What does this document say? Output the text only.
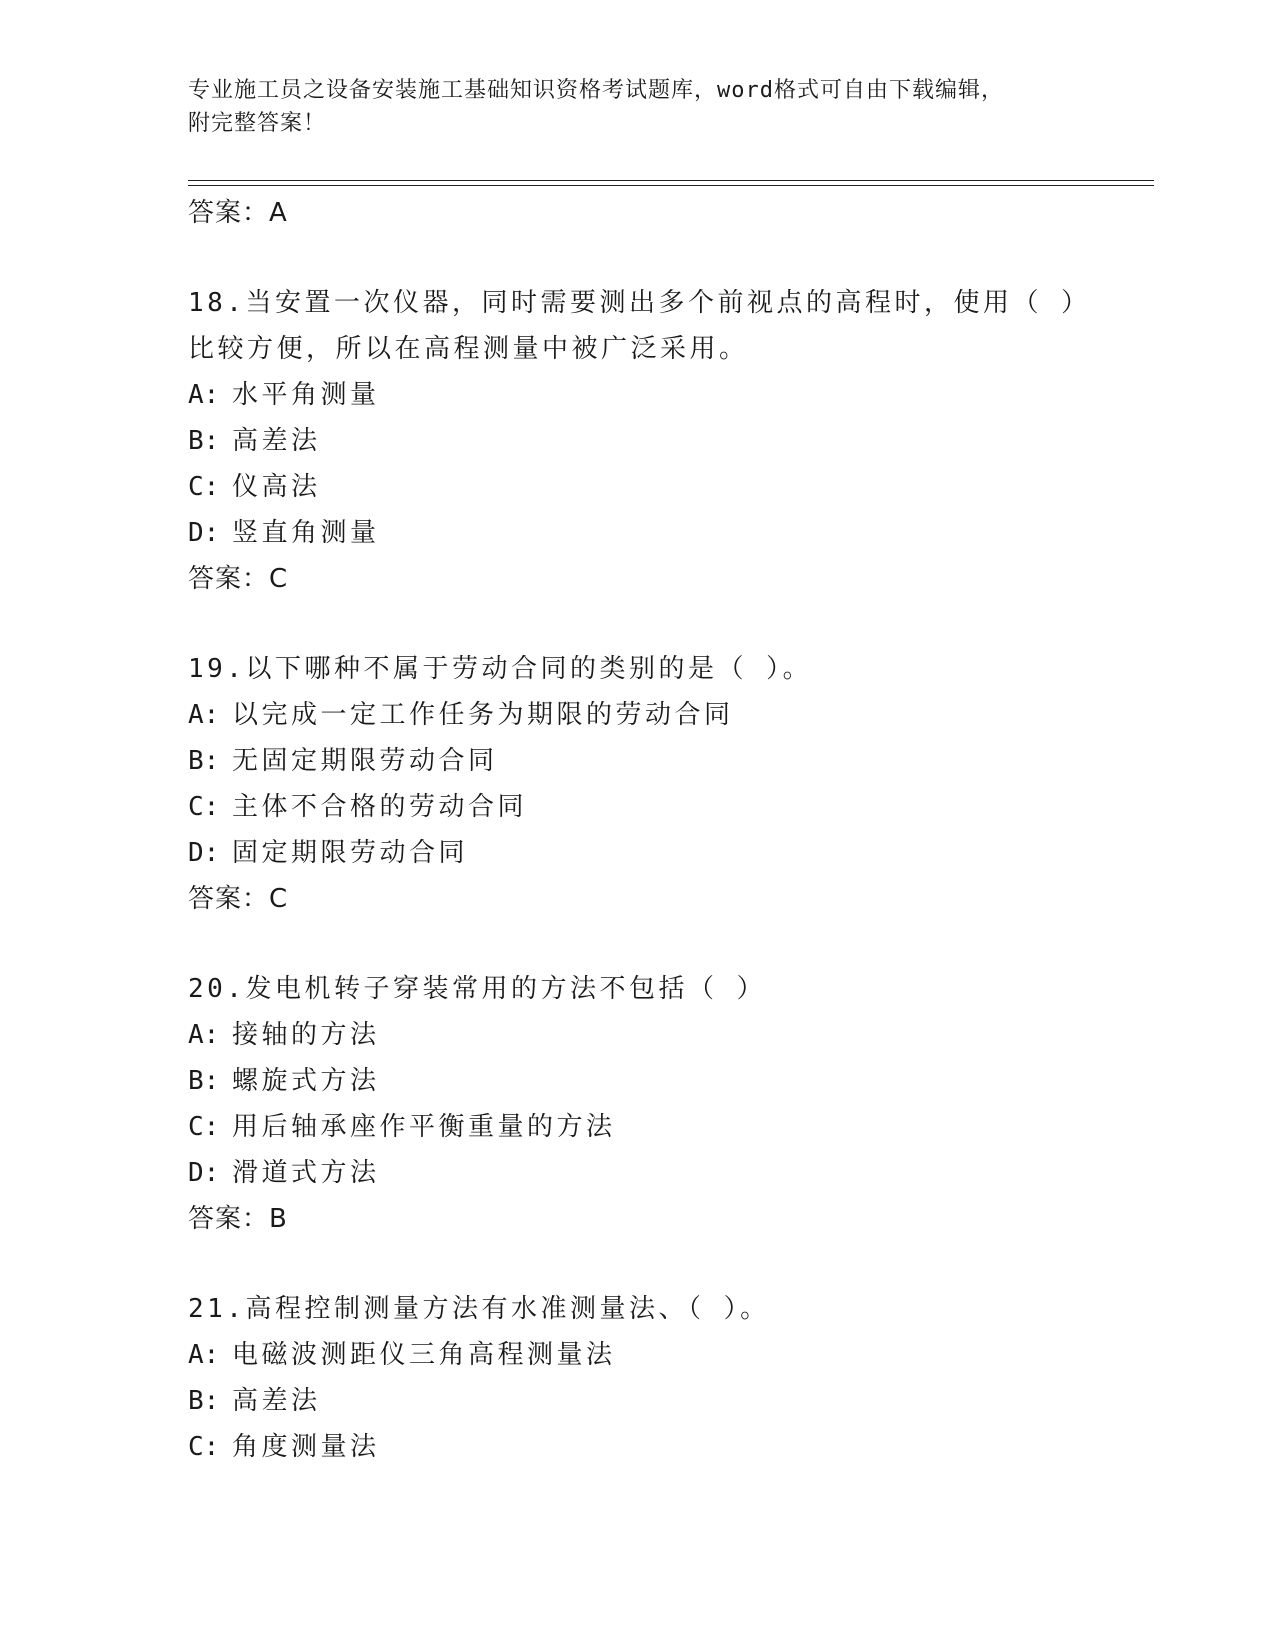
专业施工员之设备安装施工基础知识资格考试题库，word格式可自由下载编辑，
附完整答案！
答案：A
18.当安置一次仪器，同时需要测出多个前视点的高程时，使用（ ）
比较方便，所以在高程测量中被广泛采用。
A: 水平角测量
B: 高差法
C: 仪高法
D: 竖直角测量
答案：C
19.以下哪种不属于劳动合同的类别的是（ ）。
A: 以完成一定工作任务为期限的劳动合同
B: 无固定期限劳动合同
C: 主体不合格的劳动合同
D: 固定期限劳动合同
答案：C
20.发电机转子穿装常用的方法不包括（ ）
A: 接轴的方法
B: 螺旋式方法
C: 用后轴承座作平衡重量的方法
D: 滑道式方法
答案：B
21.高程控制测量方法有水准测量法、（ ）。
A: 电磁波测距仪三角高程测量法
B: 高差法
C: 角度测量法
